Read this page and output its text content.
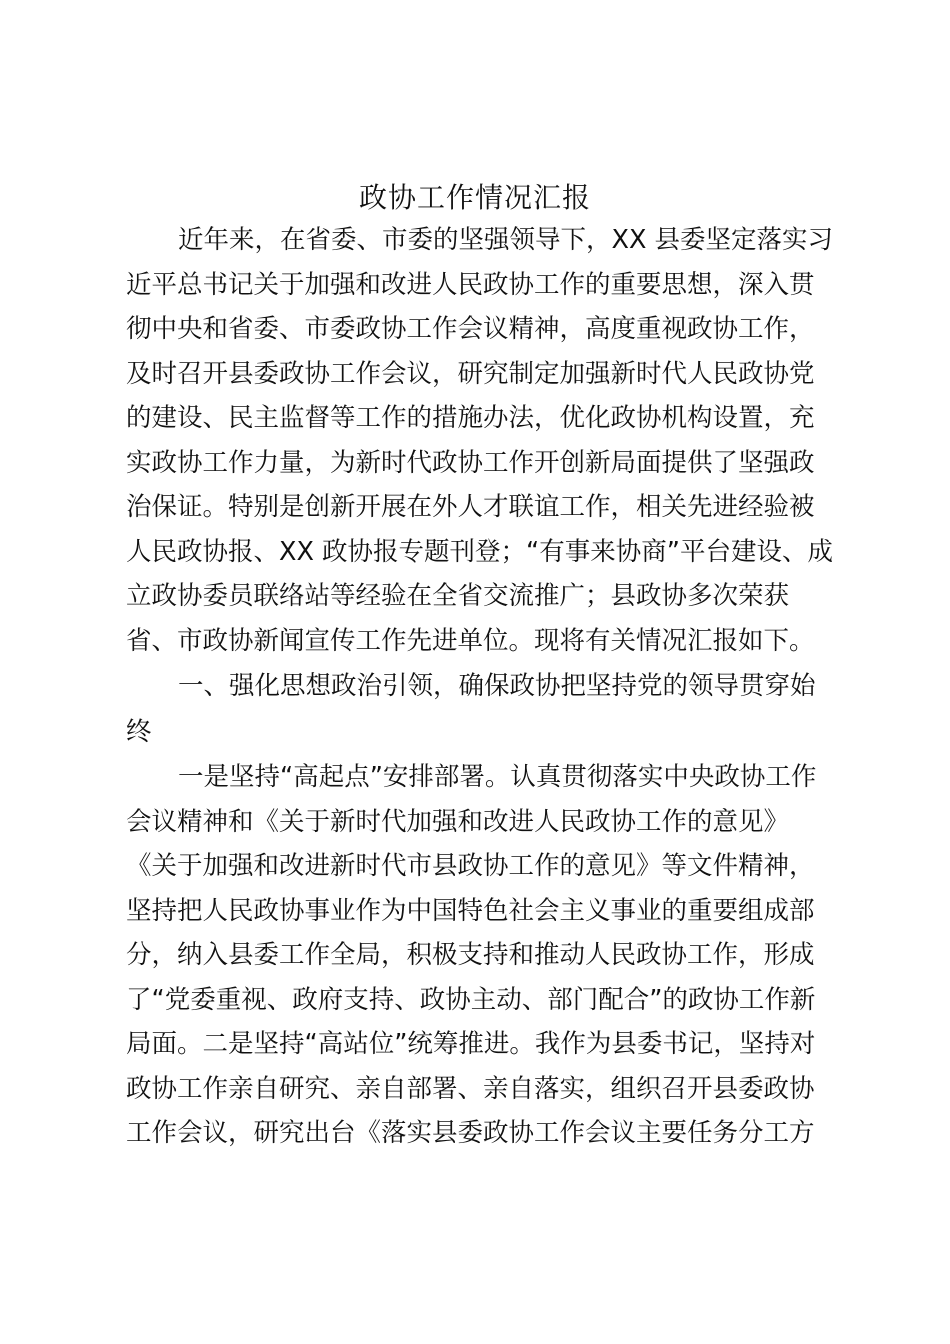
政协工作情况汇报
近年来，在省委、市委的坚强领导下，XX 县委坚定落实习
近平总书记关于加强和改进人民政协工作的重要思想，深入贯
彻中央和省委、市委政协工作会议精神，高度重视政协工作，
及时召开县委政协工作会议，研究制定加强新时代人民政协党
的建设、民主监督等工作的措施办法，优化政协机构设置，充
实政协工作力量，为新时代政协工作开创新局面提供了坚强政
治保证。特别是创新开展在外人才联谊工作，相关先进经验被
人民政协报、XX 政协报专题刊登；“有事来协商”平台建设、成
立政协委员联络站等经验在全省交流推广；县政协多次荣获
省、市政协新闻宣传工作先进单位。现将有关情况汇报如下。
一、强化思想政治引领，确保政协把坚持党的领导贯穿始
终
一是坚持“高起点”安排部署。认真贯彻落实中央政协工作
会议精神和《关于新时代加强和改进人民政协工作的意见》
《关于加强和改进新时代市县政协工作的意见》等文件精神，
坚持把人民政协事业作为中国特色社会主义事业的重要组成部
分，纳入县委工作全局，积极支持和推动人民政协工作，形成
了“党委重视、政府支持、政协主动、部门配合”的政协工作新
局面。二是坚持“高站位”统筹推进。我作为县委书记，坚持对
政协工作亲自研究、亲自部署、亲自落实，组织召开县委政协
工作会议，研究出台《落实县委政协工作会议主要任务分工方
